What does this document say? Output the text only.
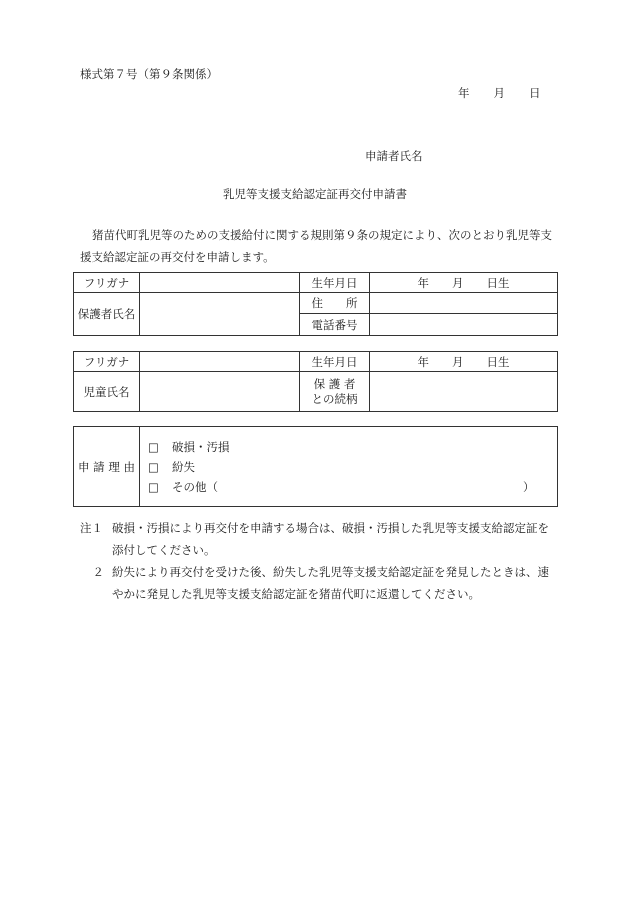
様式第７号（第９条関係）
年 月 日
申請者氏名
乳児等支援支給認定証再交付申請書
猪苗代町乳児等のための支援給付に関する規則第９条の規定により、次のとおり乳児等支援支給認定証の再交付を申請します。
フリガナ		生年月日	年　　月　　日生
保護者氏名		住　　所	
		電話番号	
フリガナ		生年月日	年　　月　　日生
児童氏名		保 護 者
との続柄	

申 請 理 由	
□ 破損・汚損
□ 紛失
□ その他（	）
注１ 破損・汚損により再交付を申請する場合は、破損・汚損した乳児等支援支給認定証を添付してください。
２ 紛失により再交付を受けた後、紛失した乳児等支援支給認定証を発見したときは、速やかに発見した乳児等支援支給認定証を猪苗代町に返還してください。
